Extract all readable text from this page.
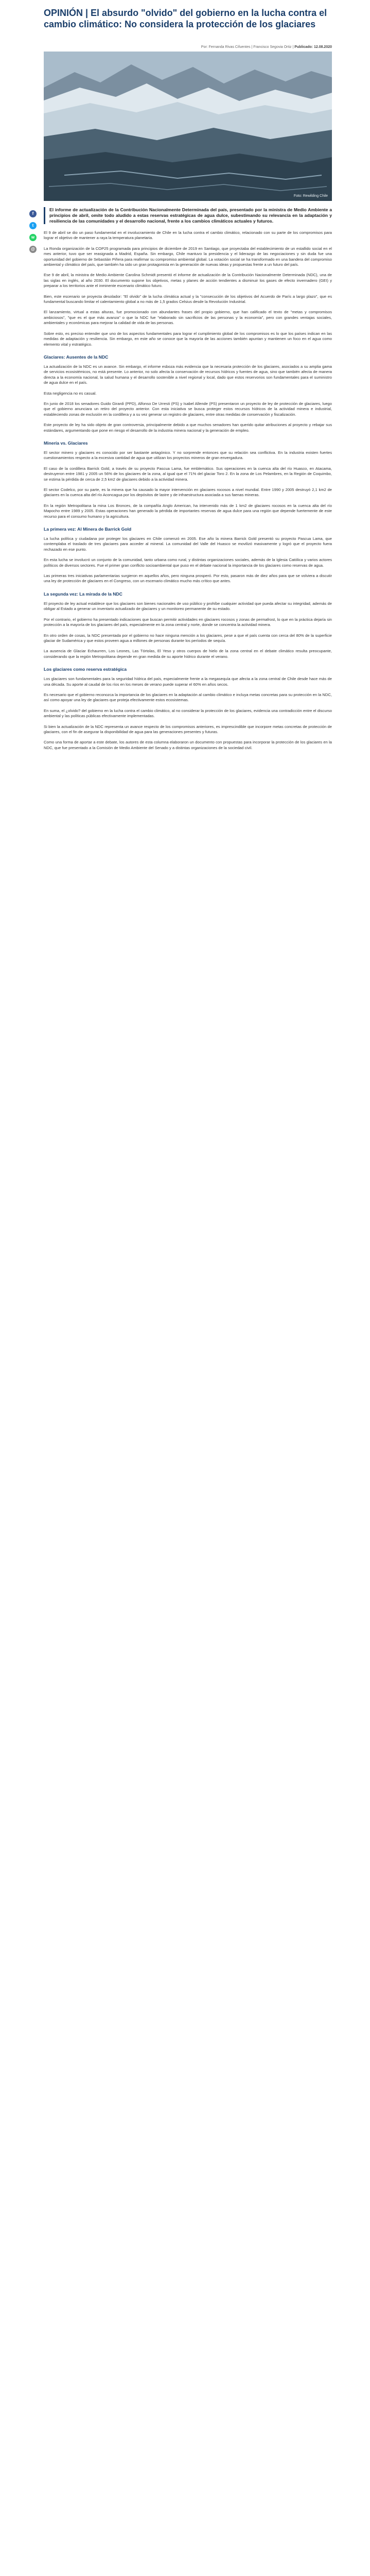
OPINIÓN | El absurdo "olvido" del gobierno en la lucha contra el cambio climático: No considera la protección de los glaciares
Por: Fernanda Rivas Cifuentes | Francisco Segovia Ortiz | Publicado: 12.08.2020
Foto: Rewilding Chile
f
t
w
@

El informe de actualización de la Contribución Nacionalmente Determinada del país, presentado por la ministra de Medio Ambiente a principios de abril, omite todo aludido a estas reservas estratégicas de agua dulce, subestimando su relevancia en la adaptación y resiliencia de las comunidades y el desarrollo nacional, frente a los cambios climáticos actuales y futuros.

El 9 de abril se dio un paso fundamental en el involucramiento de Chile en la lucha contra el cambio climático, relacionado con su parte de los compromisos para lograr el objetivo de mantener a raya la temperatura planetaria.

La Ronda organización de la COP25 programada para principios de diciembre de 2019 en Santiago, que proyectaba del establecimiento de un estallido social en el mes anterior, tuvo que ser reasignada a Madrid, España. Sin embargo, Chile mantuvo la presidencia y el liderazgo de las negociaciones y sin duda fue una oportunidad del gobierno de Sebastián Piñera para reafirmar su compromiso ambiental global. La votación social se ha transformado en una bandera del compromiso ambiental y climático del país, que también ha sido un gran protagonista en la generación de nuevas ideas y propuestas frente a un futuro del país.

Ese 9 de abril, la ministra de Medio Ambiente Carolina Schmidt presentó el informe de actualización de la Contribución Nacionalmente Determinada (NDC), una de las siglas en inglés, al año 2030. El documento supone los objetivos, metas y planes de acción tendientes a disminuir los gases de efecto invernadero (GEI) y preparar a los territorios ante el inminente escenario climático futuro.

Bien, este escenario se proyecta desolador: "El olvido" de la lucha climática actual y la "consecución de los objetivos del Acuerdo de París a largo plazo", que es fundamental buscando limitar el calentamiento global a no más de 1,5 grados Celsius desde la Revolución Industrial.

El lanzamiento, virtual a estas alturas, fue promocionado con abundantes frases del propio gobierno, que han calificado el texto de "metas y compromisos ambiciosos", "que es el que más avanza" o que la NDC fue "elaborado sin sacrificios de las personas y la economía", pero con grandes ventajas sociales, ambientales y económicas para mejorar la calidad de vida de las personas.

Sobre esto, es preciso entender que uno de los aspectos fundamentales para lograr el cumplimiento global de los compromisos es lo que los países indican en las medidas de adaptación y resiliencia. Sin embargo, en este año se conoce que la mayoría de las acciones también apuntan y mantienen un foco en el agua como elemento vital y estratégico.

Glaciares: Ausentes de la NDC

La actualización de la NDC es un avance. Sin embargo, el informe esboza más evidencia que la necesaria protección de los glaciares, asociados a su amplia gama de servicios ecosistémicos, no está presente. Lo anterior, no solo afecta la conservación de recursos hídricos y fuentes de agua, sino que también afecta de manera directa a la economía nacional, la salud humana y el desarrollo sostenible a nivel regional y local, dado que estos reservorios son fundamentales para el suministro de agua dulce en el país.

Esta negligencia no es casual.

En junio de 2018 los senadores Guido Girardi (PPD), Alfonso De Urresti (PS) y Isabel Allende (PS) presentaron un proyecto de ley de protección de glaciares, luego que el gobierno anunciara un retiro del proyecto anterior. Con esta iniciativa se busca proteger estos recursos hídricos de la actividad minera e industrial, estableciendo zonas de exclusión en la cordillera y a su vez generar un registro de glaciares, entre otras medidas de conservación y fiscalización.

Este proyecto de ley ha sido objeto de gran controversia, principalmente debido a que muchos senadores han querido quitar atribuciones al proyecto y rebajar sus estándares, argumentando que pone en riesgo el desarrollo de la industria minera nacional y la generación de empleo.

Minería vs. Glaciares

El sector minero y glaciares es conocido por ser bastante antagónico. Y no sorprende entonces que su relación sea conflictiva. En la industria existen fuertes cuestionamientos respecto a la excesiva cantidad de agua que utilizan los proyectos mineros de gran envergadura.

El caso de la cordillera Barrick Gold, a través de su proyecto Pascua Lama, fue emblemático. Sus operaciones en la cuenca alta del río Huasco, en Atacama, destruyeron entre 1981 y 2005 un 56% de los glaciares de la zona, al igual que el 71% del glaciar Toro 2. En la zona de Los Pelambres, en la Región de Coquimbo, se estima la pérdida de cerca de 2,5 km2 de glaciares debido a la actividad minera.

El sector Codelco, por su parte, es la minera que ha causado la mayor intervención en glaciares rocosos a nivel mundial. Entre 1990 y 2005 destruyó 2,1 km2 de glaciares en la cuenca alta del río Aconcagua por los depósitos de lastre y de infraestructura asociada a sus faenas mineras.

En la región Metropolitana la mina Los Bronces, de la compañía Anglo American, ha intervenido más de 1 km2 de glaciares rocosos en la cuenca alta del río Mapocho entre 1989 y 2005. Estas operaciones han generado la pérdida de importantes reservas de agua dulce para una región que depende fuertemente de este recurso para el consumo humano y la agricultura.

La primera vez: Al Minera de Barrick Gold

La lucha política y ciudadana por proteger los glaciares en Chile comenzó en 2005. Ese año la minera Barrick Gold presentó su proyecto Pascua Lama, que contemplaba el traslado de tres glaciares para acceder al mineral. La comunidad del Valle del Huasco se movilizó masivamente y logró que el proyecto fuera rechazado en ese punto.

En esta lucha se involucró un conjunto de la comunidad, tanto urbana como rural, y distintas organizaciones sociales, además de la Iglesia Católica y varios actores políticos de diversos sectores. Fue el primer gran conflicto socioambiental que puso en el debate nacional la importancia de los glaciares como reservas de agua.

Las primeras tres iniciativas parlamentarias surgieron en aquellos años, pero ninguna prosperó. Por esto, pasaron más de diez años para que se volviera a discutir una ley de protección de glaciares en el Congreso, con un escenario climático mucho más crítico que antes.

La segunda vez: La mirada de la NDC

El proyecto de ley actual establece que los glaciares son bienes nacionales de uso público y prohíbe cualquier actividad que pueda afectar su integridad, además de obligar al Estado a generar un inventario actualizado de glaciares y un monitoreo permanente de su estado.

Por el contrario, el gobierno ha presentado indicaciones que buscan permitir actividades en glaciares rocosos y zonas de permafrost, lo que en la práctica dejaría sin protección a la mayoría de los glaciares del país, especialmente en la zona central y norte, donde se concentra la actividad minera.

En otro orden de cosas, la NDC presentada por el gobierno no hace ninguna mención a los glaciares, pese a que el país cuenta con cerca del 80% de la superficie glaciar de Sudamérica y que estos proveen agua a millones de personas durante los períodos de sequía.

La ausencia de Glaciar Echaurren, Los Leones, Las Tórtolas, El Yeso y otros cuerpos de hielo de la zona central en el debate climático resulta preocupante, considerando que la región Metropolitana depende en gran medida de su aporte hídrico durante el verano.

Los glaciares como reserva estratégica

Los glaciares son fundamentales para la seguridad hídrica del país, especialmente frente a la megasequía que afecta a la zona central de Chile desde hace más de una década. Su aporte al caudal de los ríos en los meses de verano puede superar el 60% en años secos.

Es necesario que el gobierno reconozca la importancia de los glaciares en la adaptación al cambio climático e incluya metas concretas para su protección en la NDC, así como apoyar una ley de glaciares que proteja efectivamente estos ecosistemas.

En suma, el ¿olvido? del gobierno en la lucha contra el cambio climático, al no considerar la protección de los glaciares, evidencia una contradicción entre el discurso ambiental y las políticas públicas efectivamente implementadas.

Si bien la actualización de la NDC representa un avance respecto de los compromisos anteriores, es imprescindible que incorpore metas concretas de protección de glaciares, con el fin de asegurar la disponibilidad de agua para las generaciones presentes y futuras.

Como una forma de aportar a este debate, los autores de esta columna elaboraron un documento con propuestas para incorporar la protección de los glaciares en la NDC, que fue presentado a la Comisión de Medio Ambiente del Senado y a distintas organizaciones de la sociedad civil.
